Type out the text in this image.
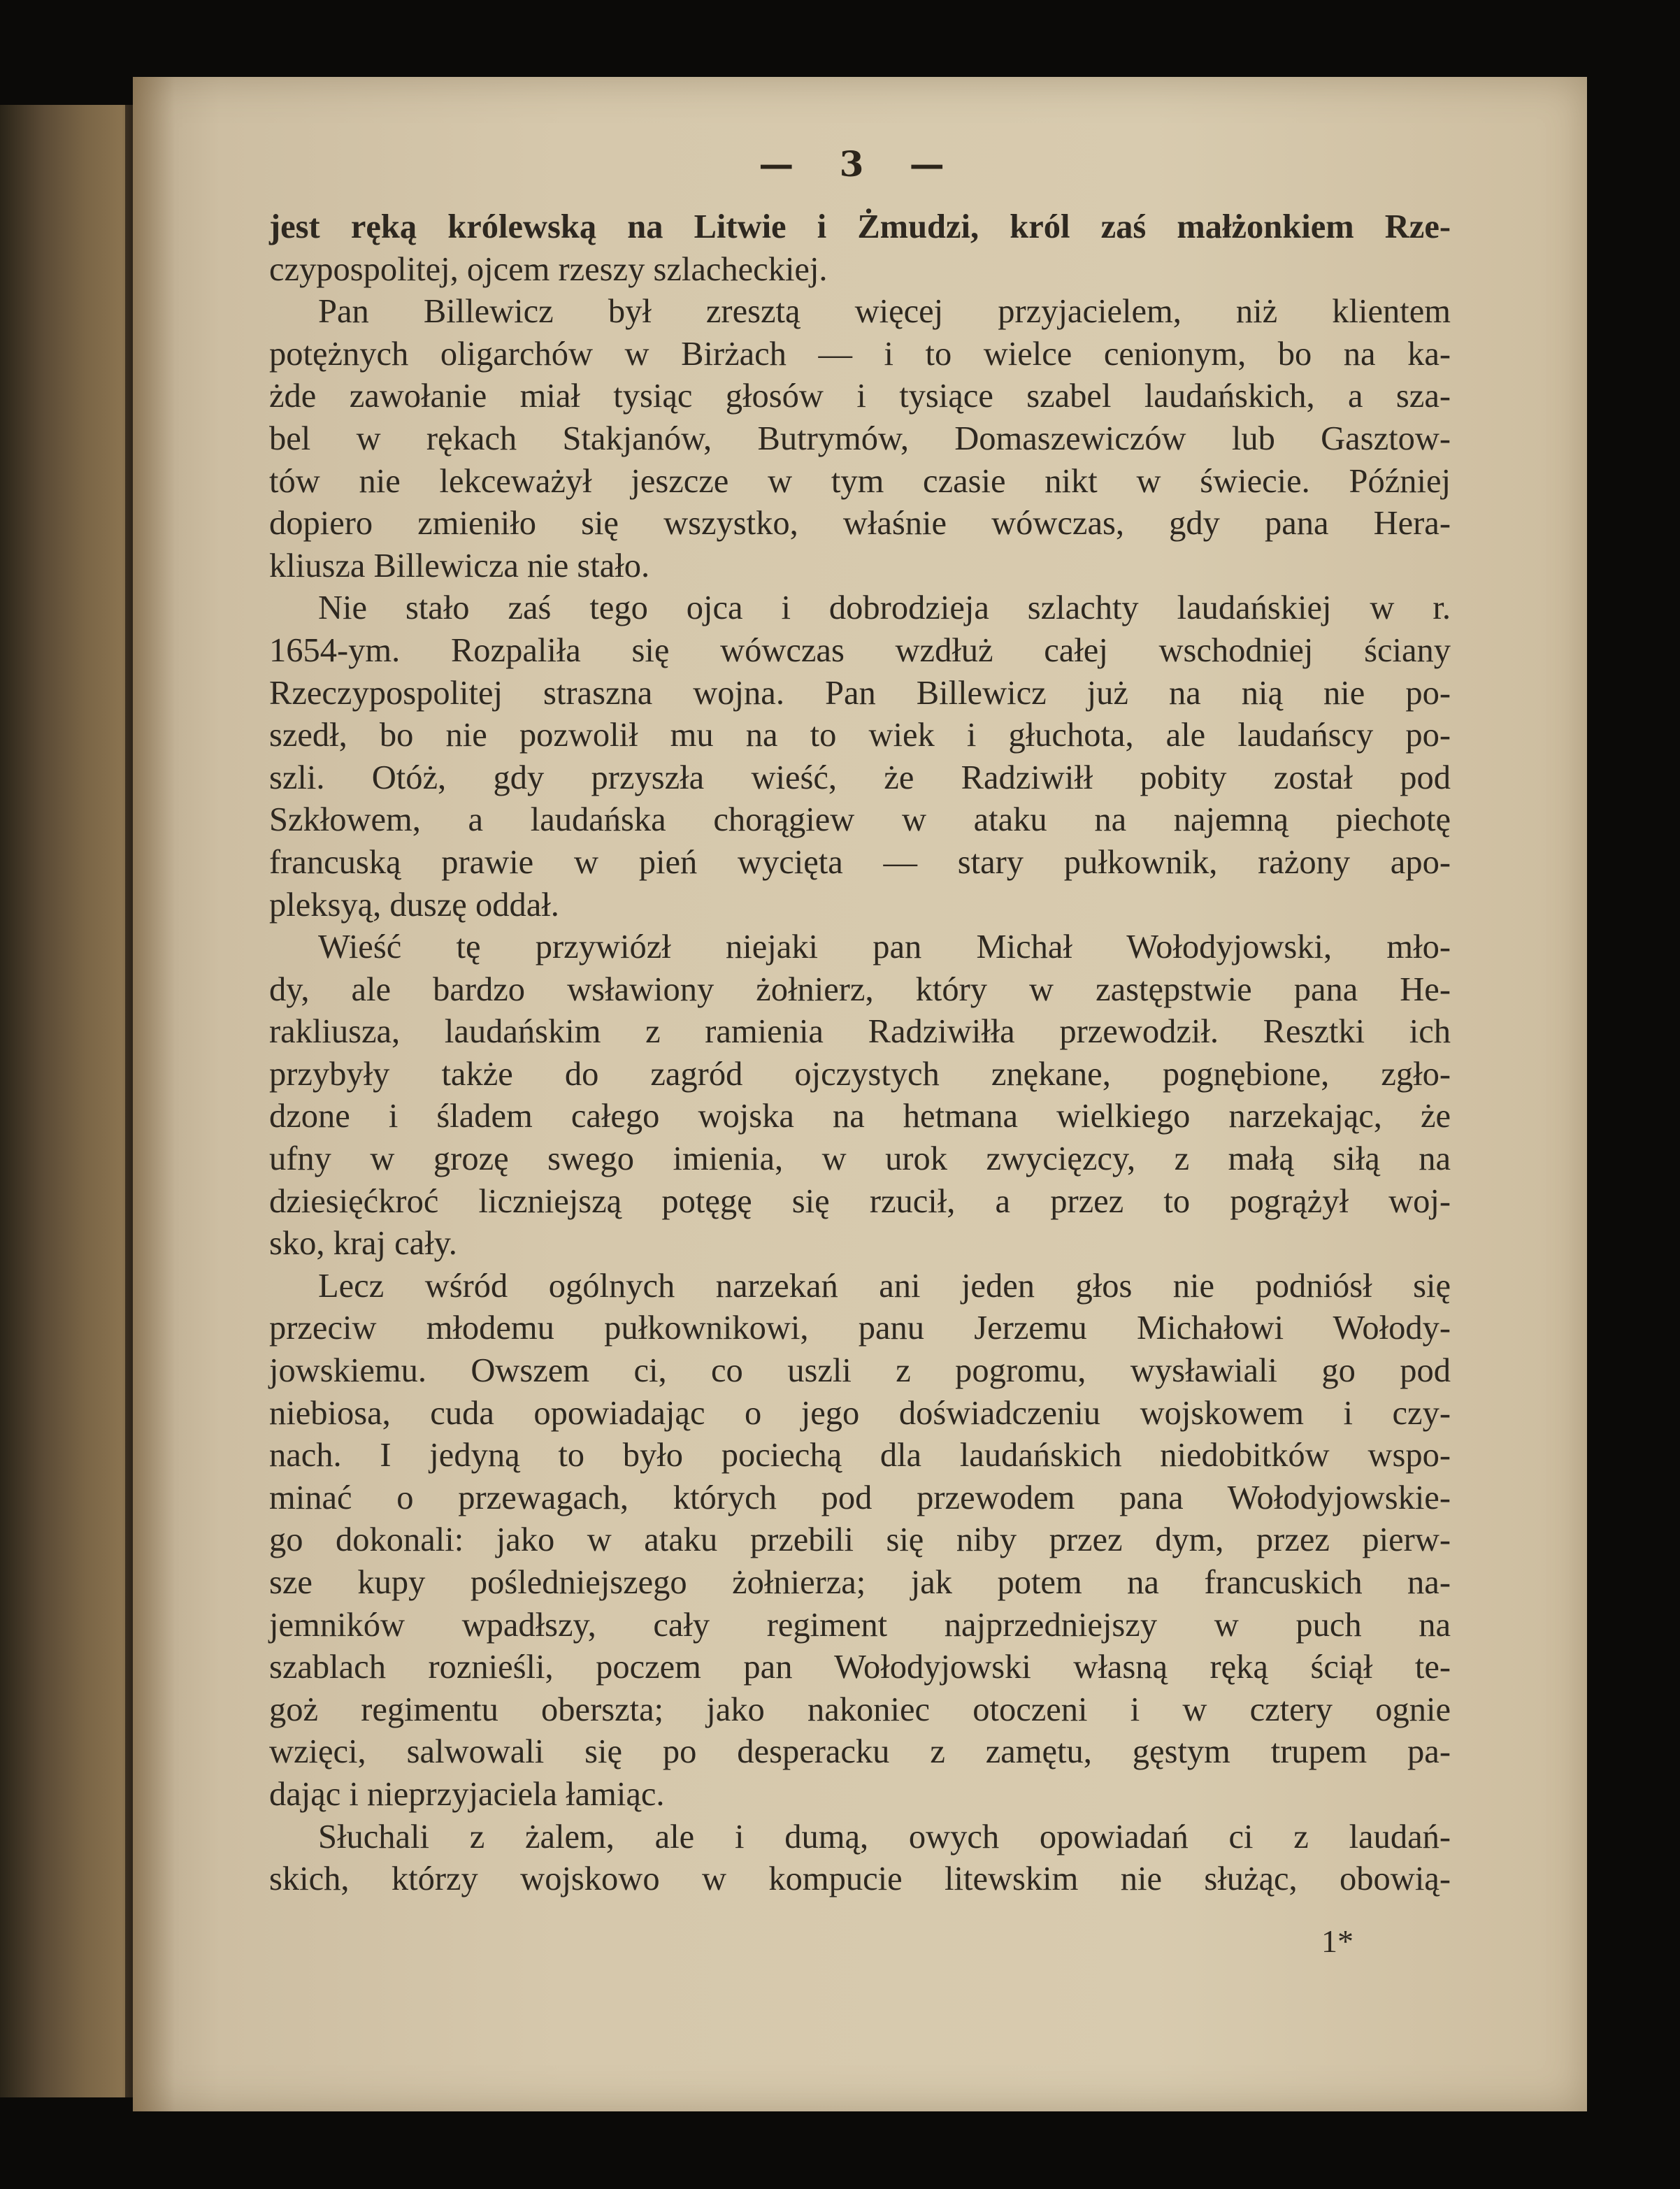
— 3 —
jest ręką królewską na Litwie i Żmudzi, król zaś małżonkiem Rze-
czypospolitej, ojcem rzeszy szlacheckiej.
Pan Billewicz był zresztą więcej przyjacielem, niż klientem
potężnych oligarchów w Birżach — i to wielce cenionym, bo na ka-
żde zawołanie miał tysiąc głosów i tysiące szabel laudańskich, a sza-
bel w rękach Stakjanów, Butrymów, Domaszewiczów lub Gasztow-
tów nie lekceważył jeszcze w tym czasie nikt w świecie. Później
dopiero zmieniło się wszystko, właśnie wówczas, gdy pana Hera-
kliusza Billewicza nie stało.
Nie stało zaś tego ojca i dobrodzieja szlachty laudańskiej w r.
1654-ym. Rozpaliła się wówczas wzdłuż całej wschodniej ściany
Rzeczypospolitej straszna wojna. Pan Billewicz już na nią nie po-
szedł, bo nie pozwolił mu na to wiek i głuchota, ale laudańscy po-
szli. Otóż, gdy przyszła wieść, że Radziwiłł pobity został pod
Szkłowem, a laudańska chorągiew w ataku na najemną piechotę
francuską prawie w pień wycięta — stary pułkownik, rażony apo-
pleksyą, duszę oddał.
Wieść tę przywiózł niejaki pan Michał Wołodyjowski, mło-
dy, ale bardzo wsławiony żołnierz, który w zastępstwie pana He-
rakliusza, laudańskim z ramienia Radziwiłła przewodził. Resztki ich
przybyły także do zagród ojczystych znękane, pognębione, zgło-
dzone i śladem całego wojska na hetmana wielkiego narzekając, że
ufny w grozę swego imienia, w urok zwycięzcy, z małą siłą na
dziesięćkroć liczniejszą potęgę się rzucił, a przez to pogrążył woj-
sko, kraj cały.
Lecz wśród ogólnych narzekań ani jeden głos nie podniósł się
przeciw młodemu pułkownikowi, panu Jerzemu Michałowi Wołody-
jowskiemu. Owszem ci, co uszli z pogromu, wysławiali go pod
niebiosa, cuda opowiadając o jego doświadczeniu wojskowem i czy-
nach. I jedyną to było pociechą dla laudańskich niedobitków wspo-
minać o przewagach, których pod przewodem pana Wołodyjowskie-
go dokonali: jako w ataku przebili się niby przez dym, przez pierw-
sze kupy pośledniejszego żołnierza; jak potem na francuskich na-
jemników wpadłszy, cały regiment najprzedniejszy w puch na
szablach roznieśli, poczem pan Wołodyjowski własną ręką ściął te-
goż regimentu obersztа; jako nakoniec otoczeni i w cztery ognie
wzięci, salwowali się po desperacku z zamętu, gęstym trupem pa-
dając i nieprzyjaciela łamiąc.
Słuchali z żalem, ale i dumą, owych opowiadań ci z laudań-
skich, którzy wojskowo w kompucie litewskim nie służąc, obowią-
1*
